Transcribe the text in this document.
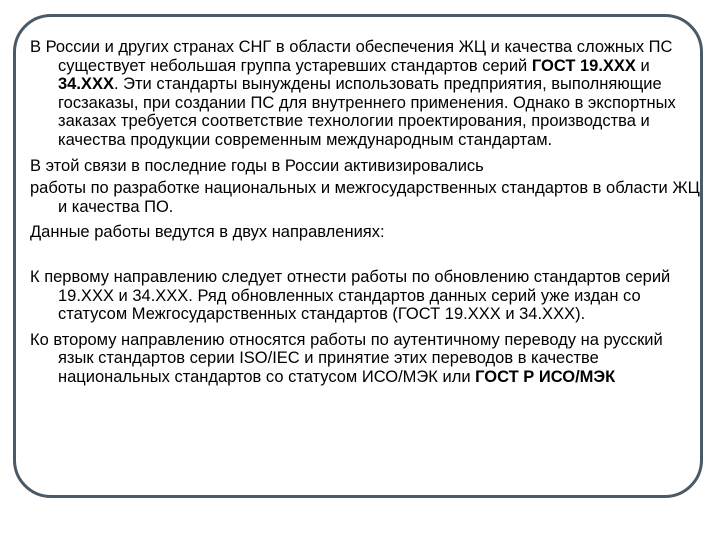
В России и других странах СНГ в области обеспечения ЖЦ и качества сложных ПС существует небольшая группа устаревших стандартов серий ГОСТ 19.ХХХ и 34.ХХХ. Эти стандарты вынуждены использовать предприятия, выполняющие госзаказы, при создании ПС для внутреннего применения. Однако в экспортных заказах требуется соответствие технологии проектирования, производства и качества продукции современным международным стандартам.

В этой связи в последние годы в России активизировались

работы по разработке национальных и межгосударственных стандартов в области ЖЦ и качества ПО.

Данные работы ведутся в двух направлениях:

К первому направлению следует отнести работы по обновлению стандартов серий 19.ХХХ и 34.ХХХ. Ряд обновленных стандартов данных серий уже издан со статусом Межгосударственных стандартов (ГОСТ 19.ХХХ и 34.ХХХ).

Ко второму направлению относятся работы по аутентичному переводу на русский язык стандартов серии ISO/IEC и принятие этих переводов в качестве национальных стандартов со статусом ИСО/МЭК или ГОСТ Р ИСО/МЭК
